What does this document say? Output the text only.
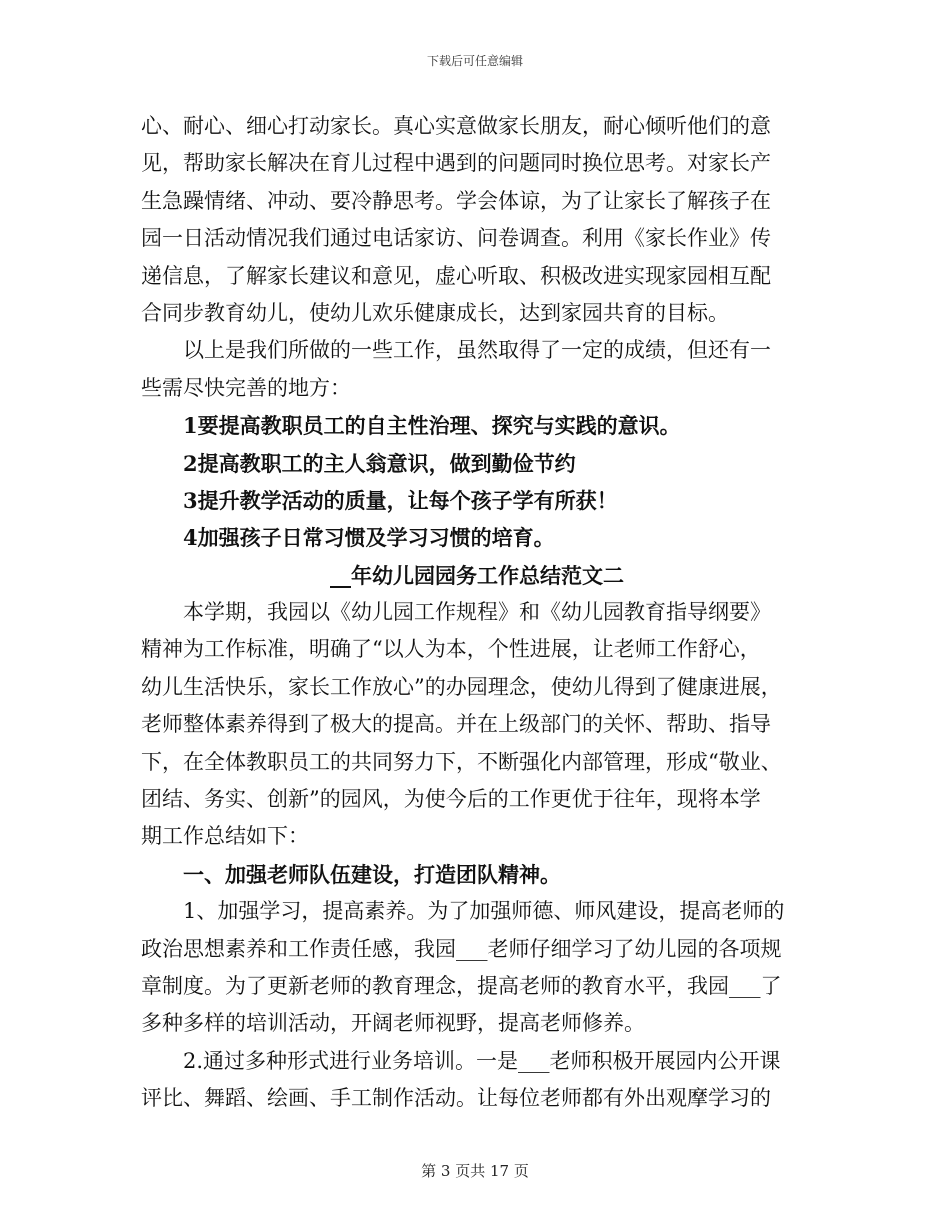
下载后可任意编辑
心、耐心、细心打动家长。真心实意做家长朋友，耐心倾听他们的意
见，帮助家长解决在育儿过程中遇到的问题同时换位思考。对家长产
生急躁情绪、冲动、要冷静思考。学会体谅，为了让家长了解孩子在
园一日活动情况我们通过电话家访、问卷调查。利用《家长作业》传
递信息，了解家长建议和意见，虚心听取、积极改进实现家园相互配
合同步教育幼儿，使幼儿欢乐健康成长，达到家园共育的目标。
以上是我们所做的一些工作，虽然取得了一定的成绩，但还有一
些需尽快完善的地方：
1要提高教职员工的自主性治理、探究与实践的意识。
2提高教职工的主人翁意识，做到勤俭节约
3提升教学活动的质量，让每个孩子学有所获！
4加强孩子日常习惯及学习习惯的培育。
__年幼儿园园务工作总结范文二
本学期，我园以《幼儿园工作规程》和《幼儿园教育指导纲要》
精神为工作标准，明确了“以人为本，个性进展，让老师工作舒心，
幼儿生活快乐，家长工作放心”的办园理念，使幼儿得到了健康进展，
老师整体素养得到了极大的提高。并在上级部门的关怀、帮助、指导
下，在全体教职员工的共同努力下，不断强化内部管理，形成“敬业、
团结、务实、创新”的园风，为使今后的工作更优于往年，现将本学
期工作总结如下：
一、加强老师队伍建设，打造团队精神。
1、加强学习，提高素养。为了加强师德、师风建设，提高老师的
政治思想素养和工作责任感，我园___老师仔细学习了幼儿园的各项规
章制度。为了更新老师的教育理念，提高老师的教育水平，我园___了
多种多样的培训活动，开阔老师视野，提高老师修养。
2.通过多种形式进行业务培训。一是___老师积极开展园内公开课
评比、舞蹈、绘画、手工制作活动。让每位老师都有外出观摩学习的
第 3 页共 17 页
